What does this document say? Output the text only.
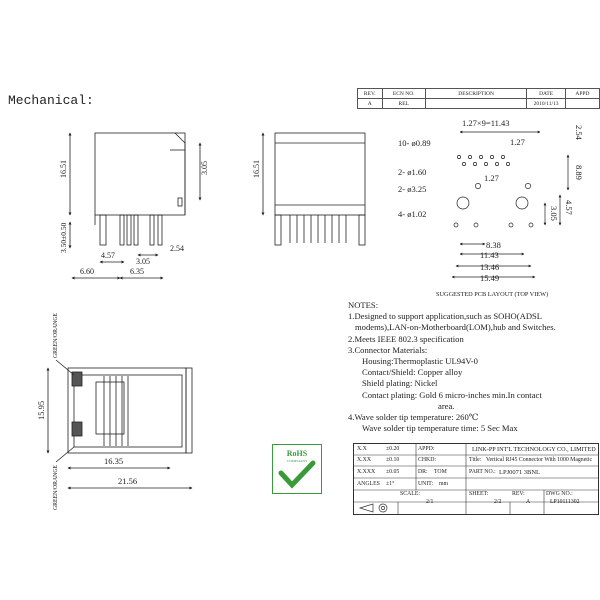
Mechanical:	REV.	ECN NO.	DESCRIPTION	DATE	APPD
A	REL		2010/11/13	
16.51
3.50±0.50
3.05
4.57
2.54
3.05
6.60	6.35
16.51
1.27×9=11.43
1.27
1.27
2.54
10- ø0.89
2- ø1.60
2- ø3.25
4- ø1.02
8.89
4.57
3.05
8.38
11.43
13.46
15.49
SUGGESTED PCB LAYOUT (TOP VIEW)
15.95
16.35
21.56
GREEN/ORANGE
GREEN/ORANGE
NOTES:
1.Designed to support application,such as SOHO(ADSL
modems),LAN-on-Motherboard(LOM),hub and Switches.
2.Meets IEEE 802.3 specification
3.Connector Materials:
Housing:Thermoplastic UL94V-0
Contact/Shield: Copper alloy
Shield plating: Nickel
Contact plating: Gold 6 micro-inches min.In contact
area.
4.Wave solder tip temperature: 260℃
Wave solder tip temperature time: 5 Sec Max
RoHS
COMPLIANT
X.X	±0.20	APPD:	LINK-PP INT'L TECHNOLOGY CO., LIMITED
X.XX	±0.10	CHKD:	Title: Vertical RJ45 Connector With 1000 Magnetic
X.XXX ±0.05	DR: TOM	PART NO.: LPJ0071 3BNL
ANGLES ±1°	UNIT: mm
SCALE:
2/1
SHEET:
2/2
REV:
A
DWG NO.:
LP10111302
